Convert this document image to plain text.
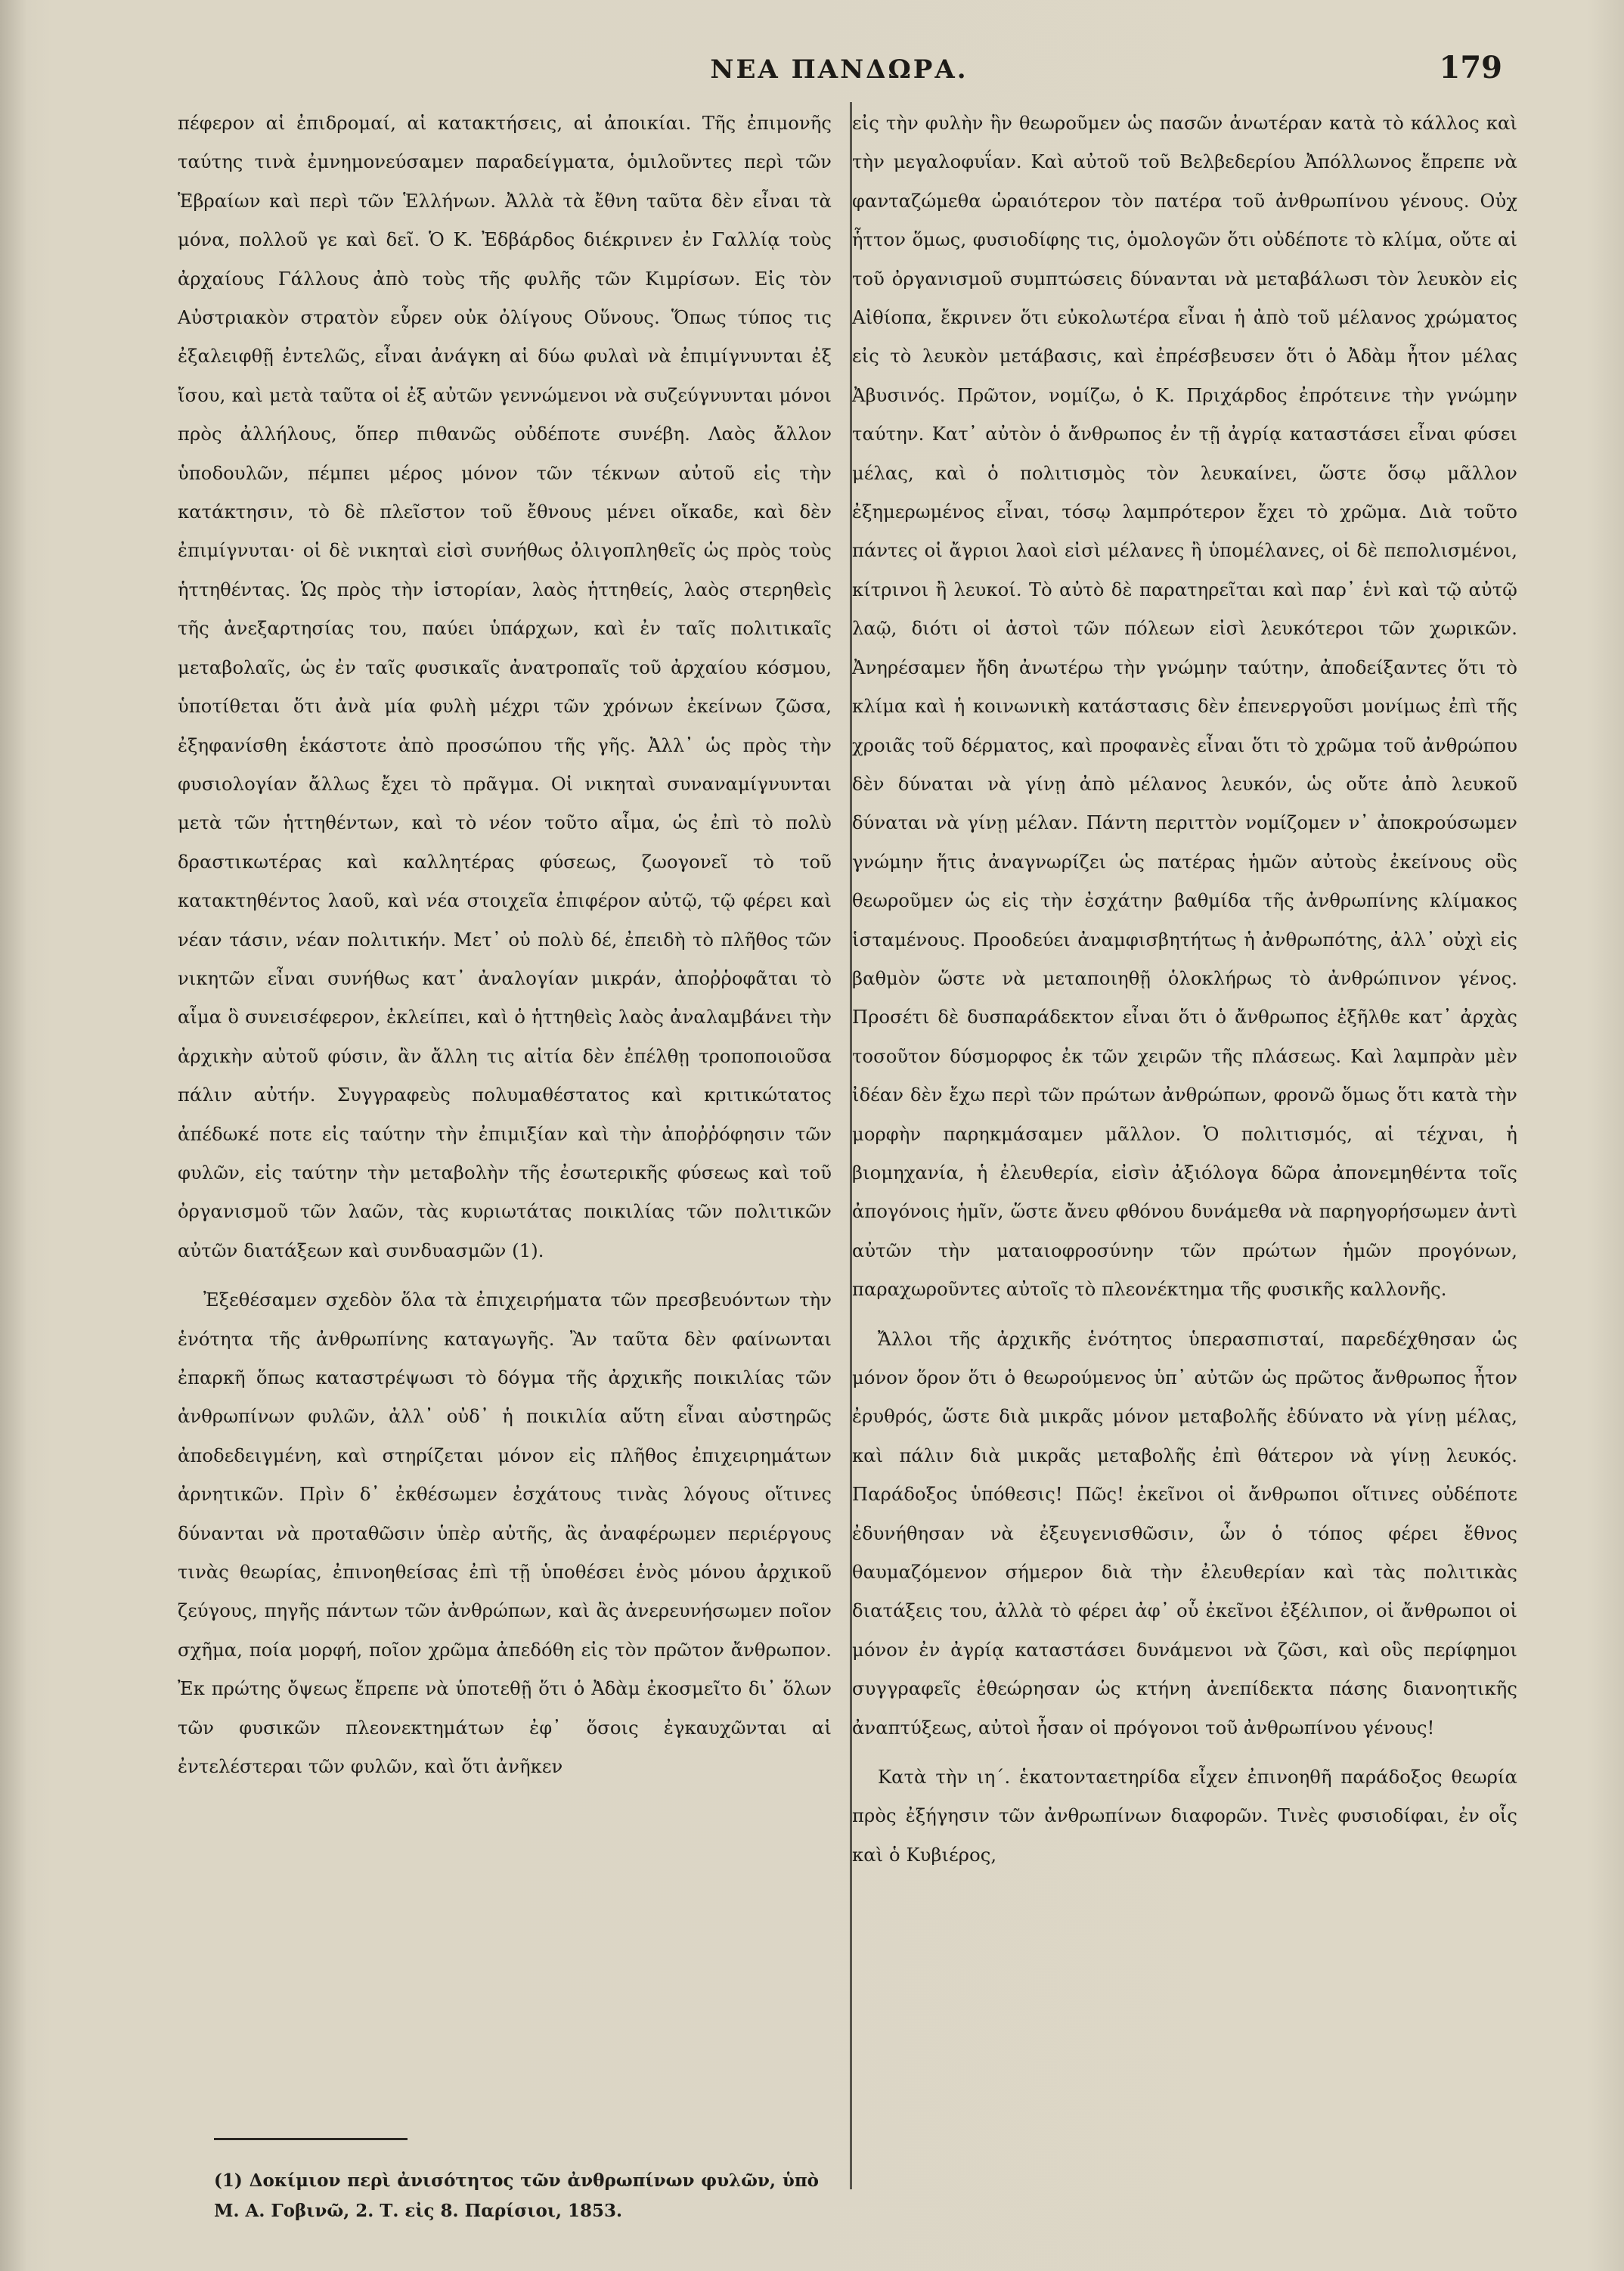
ΝΕΑ ΠΑΝΔΩΡΑ.	179

πέφερον αἱ ἐπιδρομαί, αἱ κατακτήσεις, αἱ ἀποικίαι. Τῆς ἐπιμονῆς ταύτης τινὰ ἐμνημονεύσαμεν παραδείγματα, ὁμιλοῦντες περὶ τῶν Ἑβραίων καὶ περὶ τῶν Ἑλλήνων. Ἀλλὰ τὰ ἔθνη ταῦτα δὲν εἶναι τὰ μόνα, πολλοῦ γε καὶ δεῖ. Ὁ Κ. Ἐδβάρδος διέκρινεν ἐν Γαλλίᾳ τοὺς ἀρχαίους Γάλλους ἀπὸ τοὺς τῆς φυλῆς τῶν Κιμρίσων. Εἰς τὸν Αὐστριακὸν στρατὸν εὗρεν οὐκ ὀλίγους Οὕνους. Ὅπως τύπος τις ἐξαλειφθῇ ἐντελῶς, εἶναι ἀνάγκη αἱ δύω φυλαὶ νὰ ἐπιμίγνυνται ἐξ ἴσου, καὶ μετὰ ταῦτα οἱ ἐξ αὐτῶν γεννώμενοι νὰ συζεύγνυνται μόνοι πρὸς ἀλλήλους, ὅπερ πιθανῶς οὐδέποτε συνέβη. Λαὸς ἄλλον ὑποδουλῶν, πέμπει μέρος μόνον τῶν τέκνων αὐτοῦ εἰς τὴν κατάκτησιν, τὸ δὲ πλεῖστον τοῦ ἔθνους μένει οἴκαδε, καὶ δὲν ἐπιμίγνυται· οἱ δὲ νικηταὶ εἰσὶ συνήθως ὀλιγοπληθεῖς ὡς πρὸς τοὺς ἡττηθέντας. Ὡς πρὸς τὴν ἱστορίαν, λαὸς ἡττηθείς, λαὸς στερηθεὶς τῆς ἀνεξαρτησίας του, παύει ὑπάρχων, καὶ ἐν ταῖς πολιτικαῖς μεταβολαῖς, ὡς ἐν ταῖς φυσικαῖς ἀνατροπαῖς τοῦ ἀρχαίου κόσμου, ὑποτίθεται ὅτι ἀνὰ μία φυλὴ μέχρι τῶν χρόνων ἐκείνων ζῶσα, ἐξηφανίσθη ἑκάστοτε ἀπὸ προσώπου τῆς γῆς. Ἀλλ᾽ ὡς πρὸς τὴν φυσιολογίαν ἄλλως ἔχει τὸ πρᾶγμα. Οἱ νικηταὶ συναναμίγνυνται μετὰ τῶν ἡττηθέντων, καὶ τὸ νέον τοῦτο αἷμα, ὡς ἐπὶ τὸ πολὺ δραστικωτέρας καὶ καλλητέρας φύσεως, ζωογονεῖ τὸ τοῦ κατακτηθέντος λαοῦ, καὶ νέα στοιχεῖα ἐπιφέρον αὐτῷ, τῷ φέρει καὶ νέαν τάσιν, νέαν πολιτικήν. Μετ᾽ οὐ πολὺ δέ, ἐπειδὴ τὸ πλῆθος τῶν νικητῶν εἶναι συνήθως κατ᾽ ἀναλογίαν μικράν, ἀποῤῥοφᾶται τὸ αἷμα ὃ συνεισέφερον, ἐκλείπει, καὶ ὁ ἡττηθεὶς λαὸς ἀναλαμβάνει τὴν ἀρχικὴν αὐτοῦ φύσιν, ἂν ἄλλη τις αἰτία δὲν ἐπέλθῃ τροποποιοῦσα πάλιν αὐτήν. Συγγραφεὺς πολυμαθέστατος καὶ κριτικώτατος ἀπέδωκέ ποτε εἰς ταύτην τὴν ἐπιμιξίαν καὶ τὴν ἀποῤῥόφησιν τῶν φυλῶν, εἰς ταύτην τὴν μεταβολὴν τῆς ἐσωτερικῆς φύσεως καὶ τοῦ ὀργανισμοῦ τῶν λαῶν, τὰς κυριωτάτας ποικιλίας τῶν πολιτικῶν αὐτῶν διατάξεων καὶ συνδυασμῶν (1).

Ἐξεθέσαμεν σχεδὸν ὅλα τὰ ἐπιχειρήματα τῶν πρεσβευόντων τὴν ἑνότητα τῆς ἀνθρωπίνης καταγωγῆς. Ἂν ταῦτα δὲν φαίνωνται ἐπαρκῆ ὅπως καταστρέψωσι τὸ δόγμα τῆς ἀρχικῆς ποικιλίας τῶν ἀνθρωπίνων φυλῶν, ἀλλ᾽ οὐδ᾽ ἡ ποικιλία αὕτη εἶναι αὐστηρῶς ἀποδεδειγμένη, καὶ στηρίζεται μόνον εἰς πλῆθος ἐπιχειρημάτων ἀρνητικῶν. Πρὶν δ᾽ ἐκθέσωμεν ἐσχάτους τινὰς λόγους οἵτινες δύνανται νὰ προταθῶσιν ὑπὲρ αὐτῆς, ἂς ἀναφέρωμεν περιέργους τινὰς θεωρίας, ἐπινοηθείσας ἐπὶ τῇ ὑποθέσει ἑνὸς μόνου ἀρχικοῦ ζεύγους, πηγῆς πάντων τῶν ἀνθρώπων, καὶ ἂς ἀνερευνήσωμεν ποῖον σχῆμα, ποία μορφή, ποῖον χρῶμα ἀπεδόθη εἰς τὸν πρῶτον ἄνθρωπον. Ἐκ πρώτης ὄψεως ἔπρεπε νὰ ὑποτεθῇ ὅτι ὁ Ἀδὰμ ἐκοσμεῖτο δι᾽ ὅλων τῶν φυσικῶν πλεονεκτημάτων ἐφ᾽ ὅσοις ἐγκαυχῶνται αἱ ἐντελέστεραι τῶν φυλῶν, καὶ ὅτι ἀνῆκεν

εἰς τὴν φυλὴν ἣν θεωροῦμεν ὡς πασῶν ἀνωτέραν κατὰ τὸ κάλλος καὶ τὴν μεγαλοφυΐαν. Καὶ αὐτοῦ τοῦ Βελβεδερίου Ἀπόλλωνος ἔπρεπε νὰ φανταζώμεθα ὡραιότερον τὸν πατέρα τοῦ ἀνθρωπίνου γένους. Οὐχ ἧττον ὅμως, φυσιοδίφης τις, ὁμολογῶν ὅτι οὐδέποτε τὸ κλίμα, οὔτε αἱ τοῦ ὀργανισμοῦ συμπτώσεις δύνανται νὰ μεταβάλωσι τὸν λευκὸν εἰς Αἰθίοπα, ἔκρινεν ὅτι εὐκολωτέρα εἶναι ἡ ἀπὸ τοῦ μέλανος χρώματος εἰς τὸ λευκὸν μετάβασις, καὶ ἐπρέσβευσεν ὅτι ὁ Ἀδὰμ ἦτον μέλας Ἀβυσινός. Πρῶτον, νομίζω, ὁ Κ. Πριχάρδος ἐπρότεινε τὴν γνώμην ταύτην. Κατ᾽ αὐτὸν ὁ ἄνθρωπος ἐν τῇ ἀγρίᾳ καταστάσει εἶναι φύσει μέλας, καὶ ὁ πολιτισμὸς τὸν λευκαίνει, ὥστε ὅσῳ μᾶλλον ἐξημερωμένος εἶναι, τόσῳ λαμπρότερον ἔχει τὸ χρῶμα. Διὰ τοῦτο πάντες οἱ ἄγριοι λαοὶ εἰσὶ μέλανες ἢ ὑπομέλανες, οἱ δὲ πεπολισμένοι, κίτρινοι ἢ λευκοί. Τὸ αὐτὸ δὲ παρατηρεῖται καὶ παρ᾽ ἑνὶ καὶ τῷ αὐτῷ λαῷ, διότι οἱ ἀστοὶ τῶν πόλεων εἰσὶ λευκότεροι τῶν χωρικῶν. Ἀνηρέσαμεν ἤδη ἀνωτέρω τὴν γνώμην ταύτην, ἀποδείξαντες ὅτι τὸ κλίμα καὶ ἡ κοινωνικὴ κατάστασις δὲν ἐπενεργοῦσι μονίμως ἐπὶ τῆς χροιᾶς τοῦ δέρματος, καὶ προφανὲς εἶναι ὅτι τὸ χρῶμα τοῦ ἀνθρώπου δὲν δύναται νὰ γίνῃ ἀπὸ μέλανος λευκόν, ὡς οὔτε ἀπὸ λευκοῦ δύναται νὰ γίνῃ μέλαν. Πάντη περιττὸν νομίζομεν ν᾽ ἀποκρούσωμεν γνώμην ἥτις ἀναγνωρίζει ὡς πατέρας ἡμῶν αὐτοὺς ἐκείνους οὓς θεωροῦμεν ὡς εἰς τὴν ἐσχάτην βαθμίδα τῆς ἀνθρωπίνης κλίμακος ἱσταμένους. Προοδεύει ἀναμφισβητήτως ἡ ἀνθρωπότης, ἀλλ᾽ οὐχὶ εἰς βαθμὸν ὥστε νὰ μεταποιηθῇ ὁλοκλήρως τὸ ἀνθρώπινον γένος. Προσέτι δὲ δυσπαράδεκτον εἶναι ὅτι ὁ ἄνθρωπος ἐξῆλθε κατ᾽ ἀρχὰς τοσοῦτον δύσμορφος ἐκ τῶν χειρῶν τῆς πλάσεως. Καὶ λαμπρὰν μὲν ἰδέαν δὲν ἔχω περὶ τῶν πρώτων ἀνθρώπων, φρονῶ ὅμως ὅτι κατὰ τὴν μορφὴν παρηκμάσαμεν μᾶλλον. Ὁ πολιτισμός, αἱ τέχναι, ἡ βιομηχανία, ἡ ἐλευθερία, εἰσὶν ἀξιόλογα δῶρα ἀπονεμηθέντα τοῖς ἀπογόνοις ἡμῖν, ὥστε ἄνευ φθόνου δυνάμεθα νὰ παρηγορήσωμεν ἀντὶ αὐτῶν τὴν ματαιοφροσύνην τῶν πρώτων ἡμῶν προγόνων, παραχωροῦντες αὐτοῖς τὸ πλεονέκτημα τῆς φυσικῆς καλλονῆς.

Ἄλλοι τῆς ἀρχικῆς ἑνότητος ὑπερασπισταί, παρεδέχθησαν ὡς μόνον ὅρον ὅτι ὁ θεωρούμενος ὑπ᾽ αὐτῶν ὡς πρῶτος ἄνθρωπος ἦτον ἐρυθρός, ὥστε διὰ μικρᾶς μόνον μεταβολῆς ἐδύνατο νὰ γίνῃ μέλας, καὶ πάλιν διὰ μικρᾶς μεταβολῆς ἐπὶ θάτερον νὰ γίνῃ λευκός. Παράδοξος ὑπόθεσις! Πῶς! ἐκεῖνοι οἱ ἄνθρωποι οἵτινες οὐδέποτε ἐδυνήθησαν νὰ ἐξευγενισθῶσιν, ὧν ὁ τόπος φέρει ἔθνος θαυμαζόμενον σήμερον διὰ τὴν ἐλευθερίαν καὶ τὰς πολιτικὰς διατάξεις του, ἀλλὰ τὸ φέρει ἀφ᾽ οὗ ἐκεῖνοι ἐξέλιπον, οἱ ἄνθρωποι οἱ μόνον ἐν ἀγρίᾳ καταστάσει δυνάμενοι νὰ ζῶσι, καὶ οὓς περίφημοι συγγραφεῖς ἐθεώρησαν ὡς κτήνη ἀνεπίδεκτα πάσης διανοητικῆς ἀναπτύξεως, αὐτοὶ ἦσαν οἱ πρόγονοι τοῦ ἀνθρωπίνου γένους!

Κατὰ τὴν ιη΄. ἑκατονταετηρίδα εἶχεν ἐπινοηθῆ παράδοξος θεωρία πρὸς ἐξήγησιν τῶν ἀνθρωπίνων διαφορῶν. Τινὲς φυσιοδίφαι, ἐν οἷς καὶ ὁ Κυβιέρος,

(1) Δοκίμιον περὶ ἀνισότητος τῶν ἀνθρωπίνων φυλῶν, ὑπὸ Μ. Α. Γοβινῶ, 2. Τ. εἰς 8. Παρίσιοι, 1853.
